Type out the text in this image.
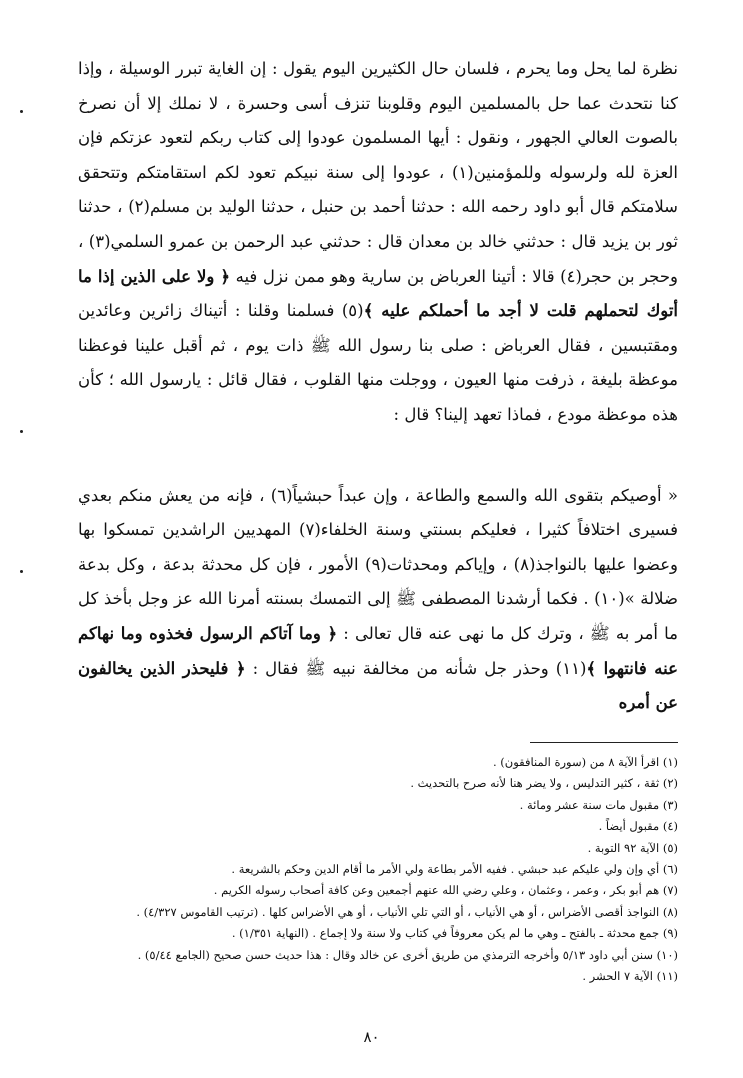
نظرة لما يحل وما يحرم ، فلسان حال الكثيرين اليوم يقول : إن الغاية تبرر الوسيلة ، وإذا كنا نتحدث عما حل بالمسلمين اليوم وقلوبنا تنزف أسى وحسرة ، لا نملك إلا أن نصرخ بالصوت العالي الجهور ، ونقول : أيها المسلمون عودوا إلى كتاب ربكم لتعود عزتكم فإن العزة لله ولرسوله وللمؤمنين(١) ، عودوا إلى سنة نبيكم تعود لكم استقامتكم وتتحقق سلامتكم قال أبو داود رحمه الله : حدثنا أحمد بن حنبل ، حدثنا الوليد بن مسلم(٢) ، حدثنا ثور بن يزيد قال : حدثني خالد بن معدان قال : حدثني عبد الرحمن بن عمرو السلمي(٣) ، وحجر بن حجر(٤) قالا : أتينا العرباض بن سارية وهو ممن نزل فيه ﴿ ولا على الذين إذا ما أتوك لتحملهم قلت لا أجد ما أحملكم عليه ﴾(٥) فسلمنا وقلنا : أتيناك زائرين وعائدين ومقتبسين ، فقال العرباض : صلى بنا رسول الله ﷺ ذات يوم ، ثم أقبل علينا فوعظنا موعظة بليغة ، ذرفت منها العيون ، ووجلت منها القلوب ، فقال قائل : يارسول الله ؛ كأن هذه موعظة مودع ، فماذا تعهد إلينا؟ قال :

« أوصيكم بتقوى الله والسمع والطاعة ، وإن عبداً حبشياً(٦) ، فإنه من يعش منكم بعدي فسيرى اختلافاً كثيرا ، فعليكم بسنتي وسنة الخلفاء(٧) المهديين الراشدين تمسكوا بها وعضوا عليها بالنواجذ(٨) ، وإياكم ومحدثات(٩) الأمور ، فإن كل محدثة بدعة ، وكل بدعة ضلالة »(١٠) . فكما أرشدنا المصطفى ﷺ إلى التمسك بسنته أمرنا الله عز وجل بأخذ كل ما أمر به ﷺ ، وترك كل ما نهى عنه قال تعالى : ﴿ وما آتاكم الرسول فخذوه وما نهاكم عنه فانتهوا ﴾(١١) وحذر جل شأنه من مخالفة نبيه ﷺ فقال : ﴿ فليحذر الذين يخالفون عن أمره

(١) اقرأ الآية ٨ من (سورة المنافقون) .
(٢) ثقة ، كثير التدليس ، ولا يضر هنا لأنه صرح بالتحديث .
(٣) مقبول مات سنة عشر ومائة .
(٤) مقبول أيضاً .
(٥) الآية ٩٢ التوبة .
(٦) أي وإن ولي عليكم عبد حبشي . ففيه الأمر بطاعة ولي الأمر ما أقام الدين وحكم بالشريعة .
(٧) هم أبو بكر ، وعمر ، وعثمان ، وعلي رضي الله عنهم أجمعين وعن كافة أصحاب رسوله الكريم .
(٨) النواجذ أقصى الأضراس ، أو هي الأنياب ، أو التي تلي الأنياب ، أو هي الأضراس كلها . (ترتيب القاموس ٤/٣٢٧) .
(٩) جمع محدثة ـ بالفتح ـ وهي ما لم يكن معروفاً في كتاب ولا سنة ولا إجماع . (النهاية ١/٣٥١) .
(١٠) سنن أبي داود ٥/١٣ وأخرجه الترمذي من طريق أخرى عن خالد وقال : هذا حديث حسن صحيح (الجامع ٥/٤٤) .
(١١) الآية ٧ الحشر .
٨٠
